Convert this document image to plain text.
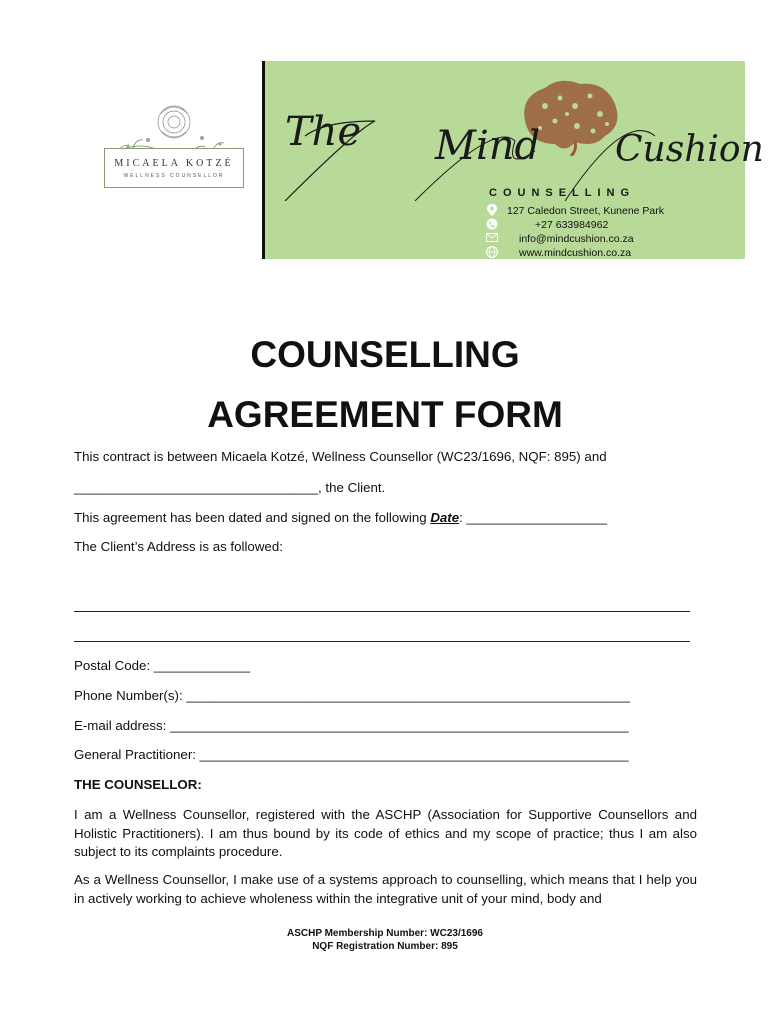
MICAELA KOTZÉ
WELLNESS COUNSELLOR
The Mind Cushion
COUNSELLING
127 Caledon Street, Kunene Park
+27 633984962
info@mindcushion.co.za
www.mindcushion.co.za
COUNSELLING
AGREEMENT FORM
This contract is between Micaela Kotzé, Wellness Counsellor (WC23/1696, NQF: 895) and
_________________________________, the Client.
This agreement has been dated and signed on the following Date: ___________________
The Client’s Address is as followed:
Postal Code: _____________
Phone Number(s): ____________________________________________________________
E-mail address: ______________________________________________________________
General Practitioner: __________________________________________________________
THE COUNSELLOR:
I am a Wellness Counsellor, registered with the ASCHP (Association for Supportive Counsellors and Holistic Practitioners). I am thus bound by its code of ethics and my scope of practice; thus I am also subject to its complaints procedure.
As a Wellness Counsellor, I make use of a systems approach to counselling, which means that I help you in actively working to achieve wholeness within the integrative unit of your mind, body and
ASCHP Membership Number: WC23/1696
NQF Registration Number: 895
